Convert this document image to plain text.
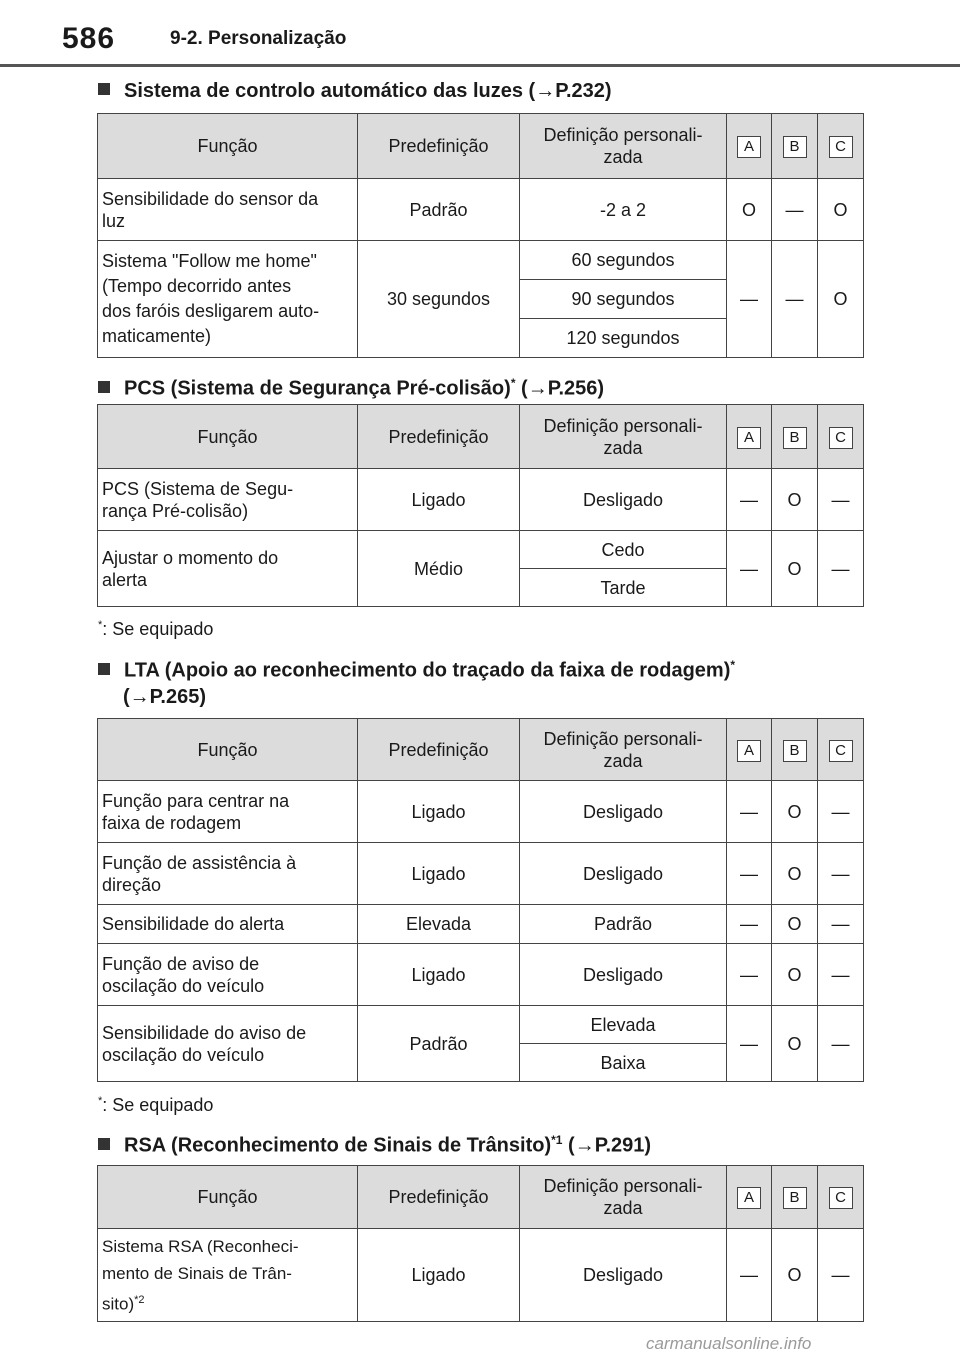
586	9-2. Personalização
Sistema de controlo automático das luzes (→P.232)
Função	Predefinição	Definição personali-
zada	A	B	C
Sensibilidade do sensor da
luz	Padrão	-2 a 2	O	—	O
Sistema "Follow me home"
(Tempo decorrido antes
dos faróis desligarem auto-
maticamente)	30 segundos	60 segundos	—	—	O
		90 segundos			
		120 segundos			
PCS (Sistema de Segurança Pré-colisão)* (→P.256)
Função	Predefinição	Definição personali-
zada	A	B	C
PCS (Sistema de Segu-
rança Pré-colisão)	Ligado	Desligado	—	O	—
Ajustar o momento do
alerta	Médio	Cedo	—	O	—
		Tarde			
*: Se equipado
LTA (Apoio ao reconhecimento do traçado da faixa de rodagem)*
(→P.265)
Função	Predefinição	Definição personali-
zada	A	B	C
Função para centrar na
faixa de rodagem	Ligado	Desligado	—	O	—
Função de assistência à
direção	Ligado	Desligado	—	O	—
Sensibilidade do alerta	Elevada	Padrão	—	O	—
Função de aviso de
oscilação do veículo	Ligado	Desligado	—	O	—
Sensibilidade do aviso de
oscilação do veículo	Padrão	Elevada	—	O	—
		Baixa			
*: Se equipado
RSA (Reconhecimento de Sinais de Trânsito)$^{*1}$ (→P.291)
Função	Predefinição	Definição personali-
zada	A	B	C
Sistema RSA (Reconheci-
mento de Sinais de Trân-
sito)$^{*2}$	Ligado	Desligado	—	O	—
carmanualsonline.info
